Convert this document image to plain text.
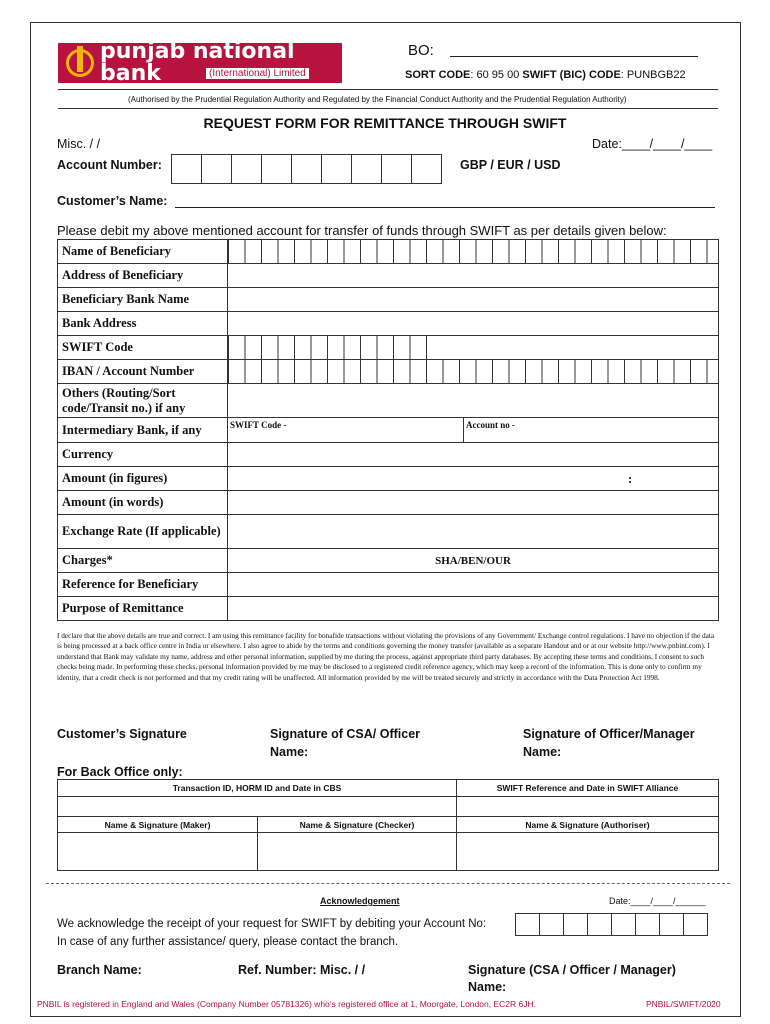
punjab national bank	(International) Limited
BO:
SORT CODE: 60 95 00 SWIFT (BIC) CODE: PUNBGB22
(Authorised by the Prudential Regulation Authority and Regulated by the Financial Conduct Authority and the Prudential Regulation Authority)
REQUEST FORM FOR REMITTANCE THROUGH SWIFT
Misc. / /	Date:____/____/____
Account Number:	GBP / EUR / USD
Customer’s Name:
Please debit my above mentioned account for transfer of funds through SWIFT as per details given below:
Name of Beneficiary	

Address of Beneficiary	
Beneficiary Bank Name	
Bank Address	
SWIFT Code	

IBAN / Account Number	

Others (Routing/Sort code/Transit no.) if any	
Intermediary Bank, if any	SWIFT Code - Account no -

Currency	
Amount (in figures)	:

Amount (in words)	
Exchange Rate (If applicable)	
Charges*	SHA/BEN/OUR
Reference for Beneficiary	
Purpose of Remittance	
I declare that the above details are true and correct. I am using this remittance facility for bonafide transactions without violating the provisions of any Government/ Exchange control regulations. I have no objection if the data is being processed at a back office centre in India or elsewhere. I also agree to abide by the terms and conditions governing the money transfer (available as a separate Handout and or at our website http://www.pnbint.com). I understand that Bank may validate my name, address and other personal information, supplied by me during the process, against appropriate third party databases. By accepting these terms and conditions, I consent to such checks being made. In performing these checks, personal information provided by me may be disclosed to a registered credit reference agency, which may keep a record of the information. This is done only to confirm my identity, that a credit check is not performed and that my credit rating will be unaffected. All information provided by me will be treated securely and strictly in accordance with the Data Protection Act 1998.
Customer’s Signature	Signature of CSA/ Officer
Name:
Signature of Officer/Manager
Name:
For Back Office only:
Transaction ID, HORM ID and Date in CBS		SWIFT Reference and Date in SWIFT Alliance

Name & Signature (Maker)	Name & Signature (Checker)	Name & Signature (Authoriser)

Acknowledgement	Date:____/____/______
We acknowledge the receipt of your request for SWIFT by debiting your Account No:
In case of any further assistance/ query, please contact the branch.
Branch Name:	Ref. Number: Misc. / /	Signature (CSA / Officer / Manager)
Name:
PNBIL is registered in England and Wales (Company Number 05781326) who’s registered office at 1, Moorgate, London, EC2R 6JH.	PNBIL/SWIFT/2020
